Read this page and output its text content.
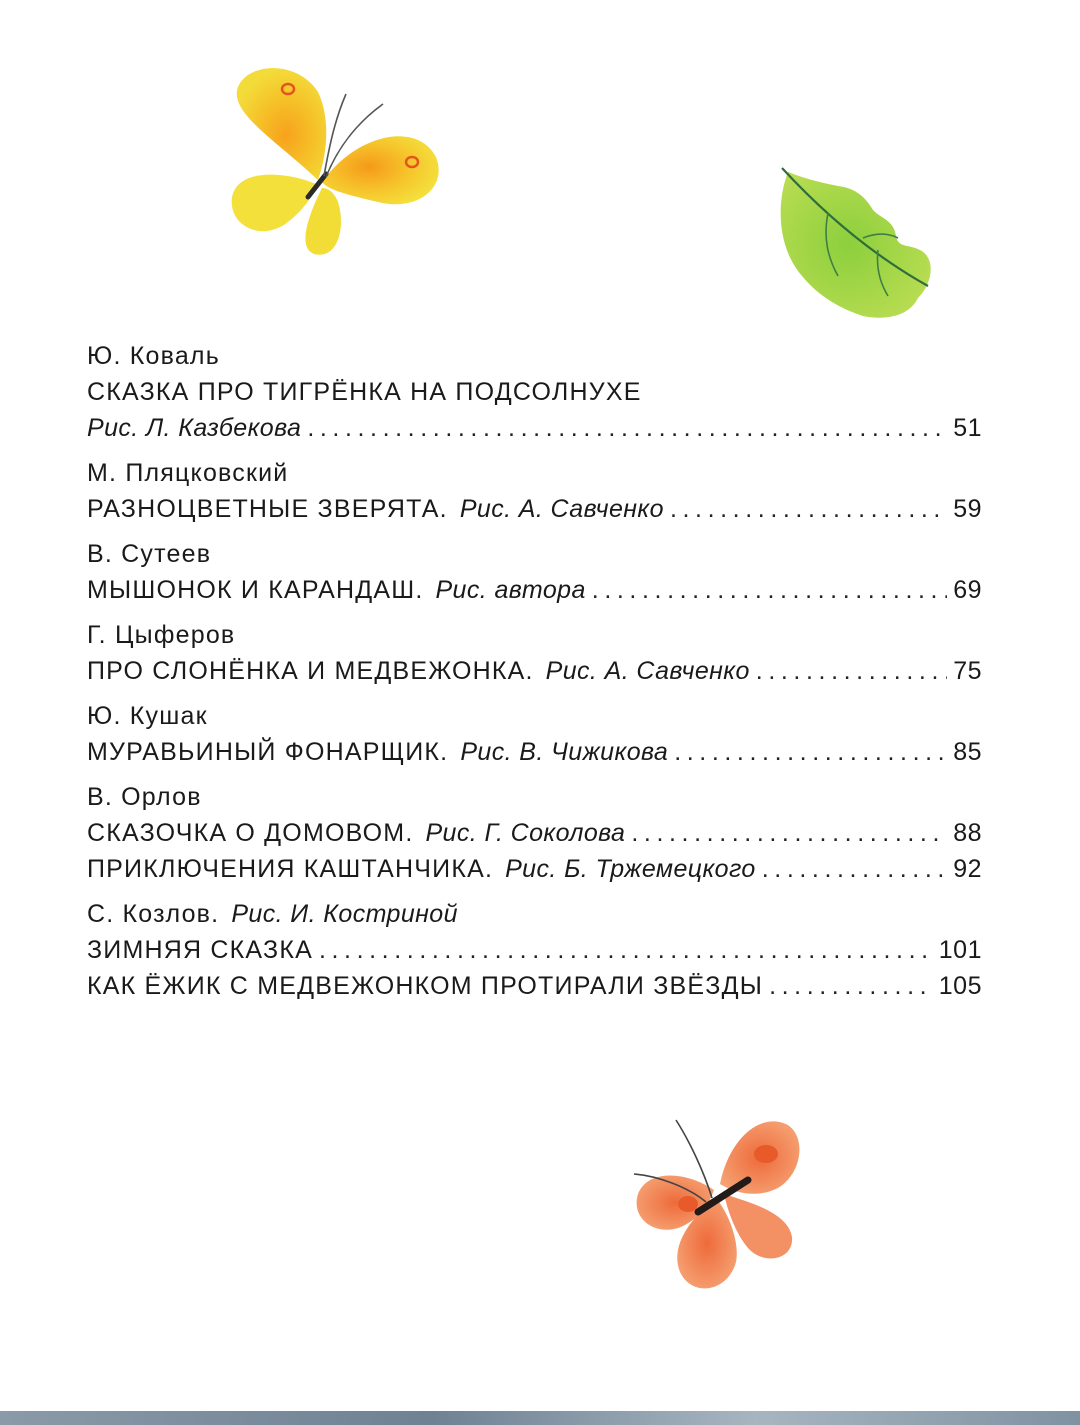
Ю. Коваль
СКАЗКА ПРО ТИГРЁНКА НА ПОДСОЛНУХЕ
Рис. Л. Казбекова .....	51
М. Пляцковский
РАЗНОЦВЕТНЫЕ ЗВЕРЯТА. Рис. А. Савченко .....	59
В. Сутеев
МЫШОНОК И КАРАНДАШ. Рис. автора .....	69
Г. Цыферов
ПРО СЛОНЁНКА И МЕДВЕЖОНКА. Рис. А. Савченко .....	75
Ю. Кушак
МУРАВЬИНЫЙ ФОНАРЩИК. Рис. В. Чижикова .....	85
В. Орлов
СКАЗОЧКА О ДОМОВОМ. Рис. Г. Соколова .....	88
ПРИКЛЮЧЕНИЯ КАШТАНЧИКА. Рис. Б. Тржемецкого .....	92
С. Козлов. Рис. И. Костриной
ЗИМНЯЯ СКАЗКА .....	101
КАК ЁЖИК С МЕДВЕЖОНКОМ ПРОТИРАЛИ ЗВЁЗДЫ .....	105
